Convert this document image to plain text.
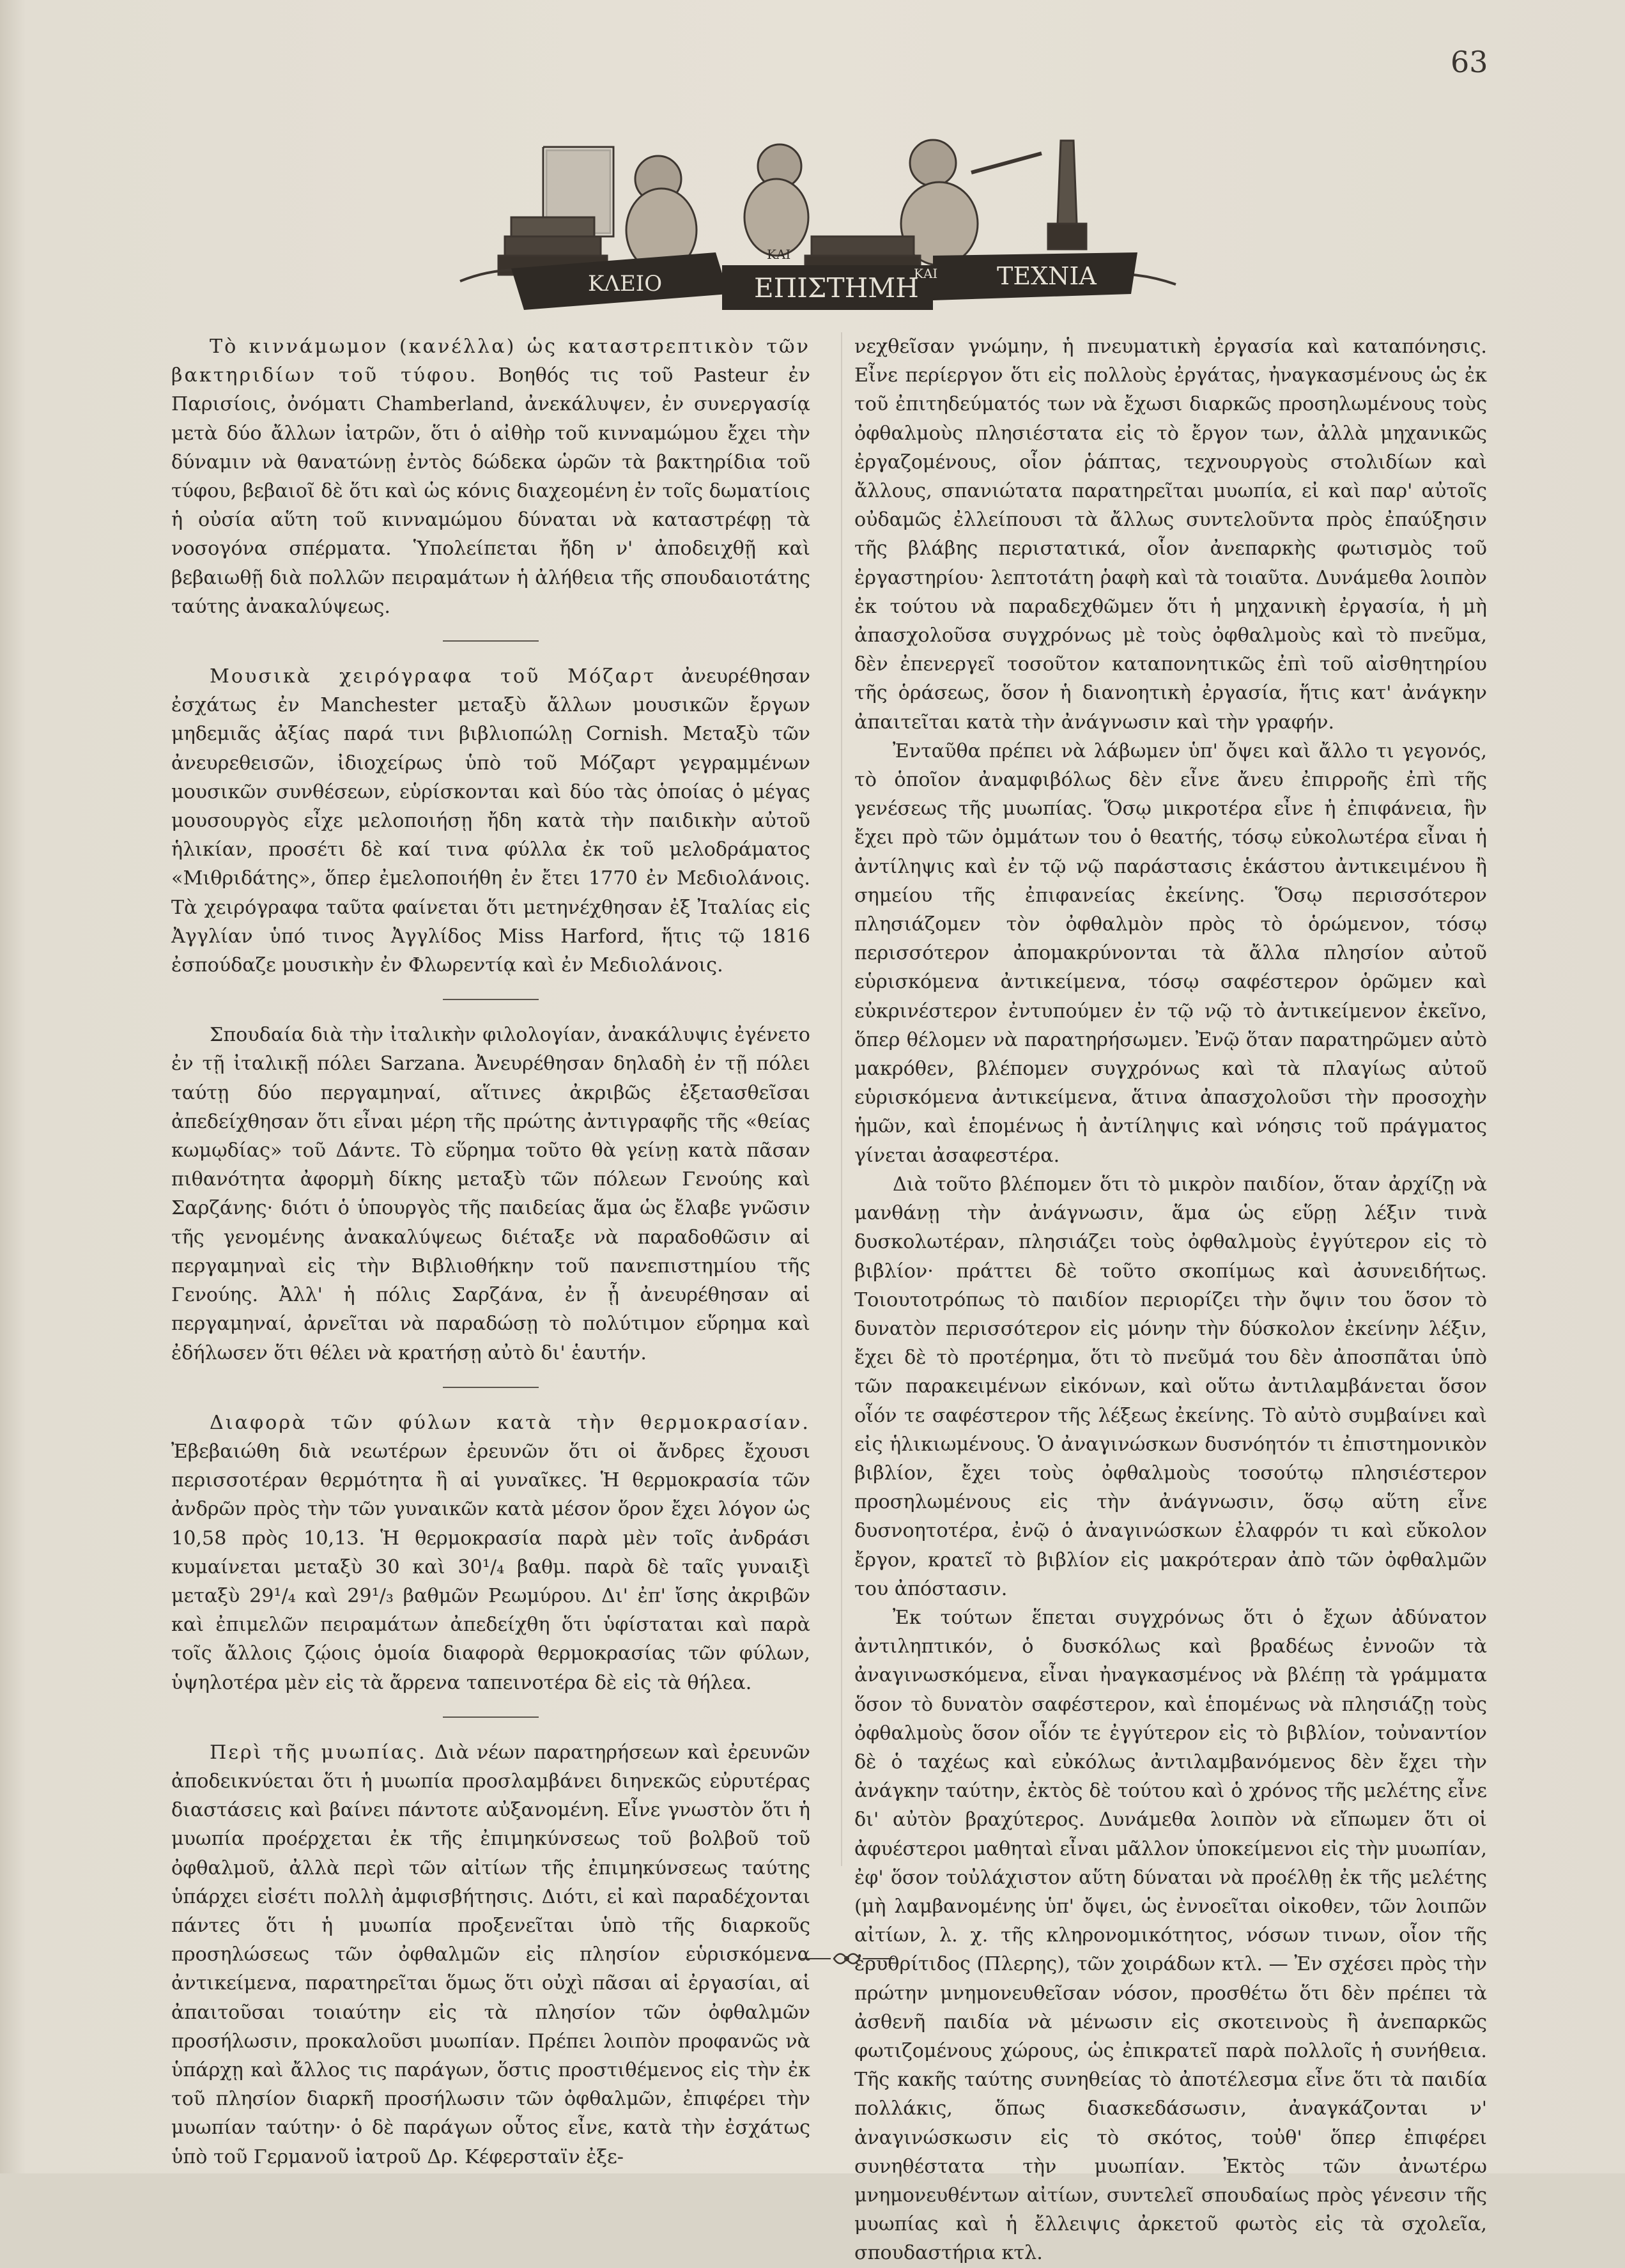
63
ΚΛΕΙΟ	ΕΠΙΣΤΗΜΗ
ΚΑΙ
ΚΑΙ ΤΕΧΝΙΑ

Τὸ κιννάμωμον (κανέλλα) ὡς καταστρεπτικὸν τῶν βακτηριδίων τοῦ τύφου. Βοηθός τις τοῦ Pasteur ἐν Παρισίοις, ὀνόματι Chamberland, ἀνεκάλυψεν, ἐν συνεργασίᾳ μετὰ δύο ἄλλων ἰατρῶν, ὅτι ὁ αἰθὴρ τοῦ κινναμώμου ἔχει τὴν δύναμιν νὰ θανατώνῃ ἐντὸς δώδεκα ὡρῶν τὰ βακτηρίδια τοῦ τύφου, βεβαιοῖ δὲ ὅτι καὶ ὡς κόνις διαχεομένη ἐν τοῖς δωματίοις ἡ οὐσία αὕτη τοῦ κινναμώμου δύναται νὰ καταστρέφῃ τὰ νοσογόνα σπέρματα. Ὑπολείπεται ἤδη ν' ἀποδειχθῇ καὶ βεβαιωθῇ διὰ πολλῶν πειραμάτων ἡ ἀλήθεια τῆς σπουδαιοτάτης ταύτης ἀνακαλύψεως.

Μουσικὰ χειρόγραφα τοῦ Μόζαρτ ἀνευρέθησαν ἐσχάτως ἐν Manchester μεταξὺ ἄλλων μουσικῶν ἔργων μηδεμιᾶς ἀξίας παρά τινι βιβλιοπώλῃ Cornish. Μεταξὺ τῶν ἀνευρεθεισῶν, ἰδιοχείρως ὑπὸ τοῦ Μόζαρτ γεγραμμένων μουσικῶν συνθέσεων, εὑρίσκονται καὶ δύο τὰς ὁποίας ὁ μέγας μουσουργὸς εἶχε μελοποιήσῃ ἤδη κατὰ τὴν παιδικὴν αὐτοῦ ἡλικίαν, προσέτι δὲ καί τινα φύλλα ἐκ τοῦ μελοδράματος «Μιθριδάτης», ὅπερ ἐμελοποιήθη ἐν ἔτει 1770 ἐν Μεδιολάνοις. Τὰ χειρόγραφα ταῦτα φαίνεται ὅτι μετηνέχθησαν ἐξ Ἰταλίας εἰς Ἀγγλίαν ὑπό τινος Ἀγγλίδος Miss Harford, ἥτις τῷ 1816 ἐσπούδαζε μουσικὴν ἐν Φλωρεντίᾳ καὶ ἐν Μεδιολάνοις.

Σπουδαία διὰ τὴν ἰταλικὴν φιλολογίαν, ἀνακάλυψις ἐγένετο ἐν τῇ ἰταλικῇ πόλει Sarzana. Ἀνευρέθησαν δηλαδὴ ἐν τῇ πόλει ταύτῃ δύο περγαμηναί, αἵτινες ἀκριβῶς ἐξετασθεῖσαι ἀπεδείχθησαν ὅτι εἶναι μέρη τῆς πρώτης ἀντιγραφῆς τῆς «θείας κωμῳδίας» τοῦ Δάντε. Τὸ εὕρημα τοῦτο θὰ γείνῃ κατὰ πᾶσαν πιθανότητα ἀφορμὴ δίκης μεταξὺ τῶν πόλεων Γενούης καὶ Σαρζάνης· διότι ὁ ὑπουργὸς τῆς παιδείας ἅμα ὡς ἔλαβε γνῶσιν τῆς γενομένης ἀνακαλύψεως διέταξε νὰ παραδοθῶσιν αἱ περγαμηναὶ εἰς τὴν Βιβλιοθήκην τοῦ πανεπιστημίου τῆς Γενούης. Ἀλλ' ἡ πόλις Σαρζάνα, ἐν ᾗ ἀνευρέθησαν αἱ περγαμηναί, ἀρνεῖται νὰ παραδώσῃ τὸ πολύτιμον εὕρημα καὶ ἐδήλωσεν ὅτι θέλει νὰ κρατήσῃ αὐτὸ δι' ἑαυτήν.

Διαφορὰ τῶν φύλων κατὰ τὴν θερμοκρασίαν. Ἐβεβαιώθη διὰ νεωτέρων ἐρευνῶν ὅτι οἱ ἄνδρες ἔχουσι περισσοτέραν θερμότητα ἢ αἱ γυναῖκες. Ἡ θερμοκρασία τῶν ἀνδρῶν πρὸς τὴν τῶν γυναικῶν κατὰ μέσον ὅρον ἔχει λόγον ὡς 10,58 πρὸς 10,13. Ἡ θερμοκρασία παρὰ μὲν τοῖς ἀνδράσι κυμαίνεται μεταξὺ 30 καὶ 30¹/₄ βαθμ. παρὰ δὲ ταῖς γυναιξὶ μεταξὺ 29¹/₄ καὶ 29¹/₃ βαθμῶν Ρεωμύρου. Δι' ἐπ' ἴσης ἀκριβῶν καὶ ἐπιμελῶν πειραμάτων ἀπεδείχθη ὅτι ὑφίσταται καὶ παρὰ τοῖς ἄλλοις ζῴοις ὁμοία διαφορὰ θερμοκρασίας τῶν φύλων, ὑψηλοτέρα μὲν εἰς τὰ ἄρρενα ταπεινοτέρα δὲ εἰς τὰ θήλεα.

Περὶ τῆς μυωπίας. Διὰ νέων παρατηρήσεων καὶ ἐρευνῶν ἀποδεικνύεται ὅτι ἡ μυωπία προσλαμβάνει διηνεκῶς εὐρυτέρας διαστάσεις καὶ βαίνει πάντοτε αὐξανομένη. Εἶνε γνωστὸν ὅτι ἡ μυωπία προέρχεται ἐκ τῆς ἐπιμηκύνσεως τοῦ βολβοῦ τοῦ ὀφθαλμοῦ, ἀλλὰ περὶ τῶν αἰτίων τῆς ἐπιμηκύνσεως ταύτης ὑπάρχει εἰσέτι πολλὴ ἀμφισβήτησις. Διότι, εἰ καὶ παραδέχονται πάντες ὅτι ἡ μυωπία προξενεῖται ὑπὸ τῆς διαρκοῦς προσηλώσεως τῶν ὀφθαλμῶν εἰς πλησίον εὑρισκόμενα ἀντικείμενα, παρατηρεῖται ὅμως ὅτι οὐχὶ πᾶσαι αἱ ἐργασίαι, αἱ ἀπαιτοῦσαι τοιαύτην εἰς τὰ πλησίον τῶν ὀφθαλμῶν προσήλωσιν, προκαλοῦσι μυωπίαν. Πρέπει λοιπὸν προφανῶς νὰ ὑπάρχῃ καὶ ἄλλος τις παράγων, ὅστις προστιθέμενος εἰς τὴν ἐκ τοῦ πλησίον διαρκῆ προσήλωσιν τῶν ὀφθαλμῶν, ἐπιφέρει τὴν μυωπίαν ταύτην· ὁ δὲ παράγων οὗτος εἶνε, κατὰ τὴν ἐσχάτως ὑπὸ τοῦ Γερμανοῦ ἰατροῦ Δρ. Κέφερσταϊν ἐξε-

νεχθεῖσαν γνώμην, ἡ πνευματικὴ ἐργασία καὶ καταπόνησις. Εἶνε περίεργον ὅτι εἰς πολλοὺς ἐργάτας, ἠναγκασμένους ὡς ἐκ τοῦ ἐπιτηδεύματός των νὰ ἔχωσι διαρκῶς προσηλωμένους τοὺς ὀφθαλμοὺς πλησιέστατα εἰς τὸ ἔργον των, ἀλλὰ μηχανικῶς ἐργαζομένους, οἷον ῥάπτας, τεχνουργοὺς στολιδίων καὶ ἄλλους, σπανιώτατα παρατηρεῖται μυωπία, εἰ καὶ παρ' αὐτοῖς οὐδαμῶς ἐλλείπουσι τὰ ἄλλως συντελοῦντα πρὸς ἐπαύξησιν τῆς βλάβης περιστατικά, οἷον ἀνεπαρκὴς φωτισμὸς τοῦ ἐργαστηρίου· λεπτοτάτη ῥαφὴ καὶ τὰ τοιαῦτα. Δυνάμεθα λοιπὸν ἐκ τούτου νὰ παραδεχθῶμεν ὅτι ἡ μηχανικὴ ἐργασία, ἡ μὴ ἀπασχολοῦσα συγχρόνως μὲ τοὺς ὀφθαλμοὺς καὶ τὸ πνεῦμα, δὲν ἐπενεργεῖ τοσοῦτον καταπονητικῶς ἐπὶ τοῦ αἰσθητηρίου τῆς ὁράσεως, ὅσον ἡ διανοητικὴ ἐργασία, ἥτις κατ' ἀνάγκην ἀπαιτεῖται κατὰ τὴν ἀνάγνωσιν καὶ τὴν γραφήν.

Ἐνταῦθα πρέπει νὰ λάβωμεν ὑπ' ὄψει καὶ ἄλλο τι γεγονός, τὸ ὁποῖον ἀναμφιβόλως δὲν εἶνε ἄνευ ἐπιρροῆς ἐπὶ τῆς γενέσεως τῆς μυωπίας. Ὅσῳ μικροτέρα εἶνε ἡ ἐπιφάνεια, ἣν ἔχει πρὸ τῶν ὀμμάτων του ὁ θεατής, τόσῳ εὐκολωτέρα εἶναι ἡ ἀντίληψις καὶ ἐν τῷ νῷ παράστασις ἑκάστου ἀντικειμένου ἢ σημείου τῆς ἐπιφανείας ἐκείνης. Ὅσῳ περισσότερον πλησιάζομεν τὸν ὀφθαλμὸν πρὸς τὸ ὁρώμενον, τόσῳ περισσότερον ἀπομακρύνονται τὰ ἄλλα πλησίον αὐτοῦ εὑρισκόμενα ἀντικείμενα, τόσῳ σαφέστερον ὁρῶμεν καὶ εὐκρινέστερον ἐντυπούμεν ἐν τῷ νῷ τὸ ἀντικείμενον ἐκεῖνο, ὅπερ θέλομεν νὰ παρατηρήσωμεν. Ἐνῷ ὅταν παρατηρῶμεν αὐτὸ μακρόθεν, βλέπομεν συγχρόνως καὶ τὰ πλαγίως αὐτοῦ εὑρισκόμενα ἀντικείμενα, ἅτινα ἀπασχολοῦσι τὴν προσοχὴν ἡμῶν, καὶ ἑπομένως ἡ ἀντίληψις καὶ νόησις τοῦ πράγματος γίνεται ἀσαφεστέρα.

Διὰ τοῦτο βλέπομεν ὅτι τὸ μικρὸν παιδίον, ὅταν ἀρχίζῃ νὰ μανθάνῃ τὴν ἀνάγνωσιν, ἅμα ὡς εὕρῃ λέξιν τινὰ δυσκολωτέραν, πλησιάζει τοὺς ὀφθαλμοὺς ἐγγύτερον εἰς τὸ βιβλίον· πράττει δὲ τοῦτο σκοπίμως καὶ ἀσυνειδήτως. Τοιουτοτρόπως τὸ παιδίον περιορίζει τὴν ὄψιν του ὅσον τὸ δυνατὸν περισσότερον εἰς μόνην τὴν δύσκολον ἐκείνην λέξιν, ἔχει δὲ τὸ προτέρημα, ὅτι τὸ πνεῦμά του δὲν ἀποσπᾶται ὑπὸ τῶν παρακειμένων εἰκόνων, καὶ οὕτω ἀντιλαμβάνεται ὅσον οἷόν τε σαφέστερον τῆς λέξεως ἐκείνης. Τὸ αὐτὸ συμβαίνει καὶ εἰς ἡλικιωμένους. Ὁ ἀναγινώσκων δυσνόητόν τι ἐπιστημονικὸν βιβλίον, ἔχει τοὺς ὀφθαλμοὺς τοσούτῳ πλησιέστερον προσηλωμένους εἰς τὴν ἀνάγνωσιν, ὅσῳ αὕτη εἶνε δυσνοητοτέρα, ἐνῷ ὁ ἀναγινώσκων ἐλαφρόν τι καὶ εὔκολον ἔργον, κρατεῖ τὸ βιβλίον εἰς μακρότεραν ἀπὸ τῶν ὀφθαλμῶν του ἀπόστασιν.

Ἐκ τούτων ἕπεται συγχρόνως ὅτι ὁ ἔχων ἀδύνατον ἀντιληπτικόν, ὁ δυσκόλως καὶ βραδέως ἐννοῶν τὰ ἀναγινωσκόμενα, εἶναι ἠναγκασμένος νὰ βλέπῃ τὰ γράμματα ὅσον τὸ δυνατὸν σαφέστερον, καὶ ἑπομένως νὰ πλησιάζῃ τοὺς ὀφθαλμοὺς ὅσον οἷόν τε ἐγγύτερον εἰς τὸ βιβλίον, τοὐναντίον δὲ ὁ ταχέως καὶ εὐκόλως ἀντιλαμβανόμενος δὲν ἔχει τὴν ἀνάγκην ταύτην, ἐκτὸς δὲ τούτου καὶ ὁ χρόνος τῆς μελέτης εἶνε δι' αὐτὸν βραχύτερος. Δυνάμεθα λοιπὸν νὰ εἴπωμεν ὅτι οἱ ἀφυέστεροι μαθηταὶ εἶναι μᾶλλον ὑποκείμενοι εἰς τὴν μυωπίαν, ἐφ' ὅσον τοὐλάχιστον αὕτη δύναται νὰ προέλθῃ ἐκ τῆς μελέτης (μὴ λαμβανομένης ὑπ' ὄψει, ὡς ἐννοεῖται οἰκοθεν, τῶν λοιπῶν αἰτίων, λ. χ. τῆς κληρονομικότητος, νόσων τινων, οἷον τῆς ἐρυθρίτιδος (Πλερης), τῶν χοιράδων κτλ. — Ἐν σχέσει πρὸς τὴν πρώτην μνημονευθεῖσαν νόσον, προσθέτω ὅτι δὲν πρέπει τὰ ἀσθενῆ παιδία νὰ μένωσιν εἰς σκοτεινοὺς ἢ ἀνεπαρκῶς φωτιζομένους χώρους, ὡς ἐπικρατεῖ παρὰ πολλοῖς ἡ συνήθεια. Τῆς κακῆς ταύτης συνηθείας τὸ ἀποτέλεσμα εἶνε ὅτι τὰ παιδία πολλάκις, ὅπως διασκεδάσωσιν, ἀναγκάζονται ν' ἀναγινώσκωσιν εἰς τὸ σκότος, τοὐθ' ὅπερ ἐπιφέρει συνηθέστατα τὴν μυωπίαν. Ἐκτὸς τῶν ἀνωτέρω μνημονευθέντων αἰτίων, συντελεῖ σπουδαίως πρὸς γένεσιν τῆς μυωπίας καὶ ἡ ἔλλειψις ἀρκετοῦ φωτὸς εἰς τὰ σχολεῖα, σπουδαστήρια κτλ.
